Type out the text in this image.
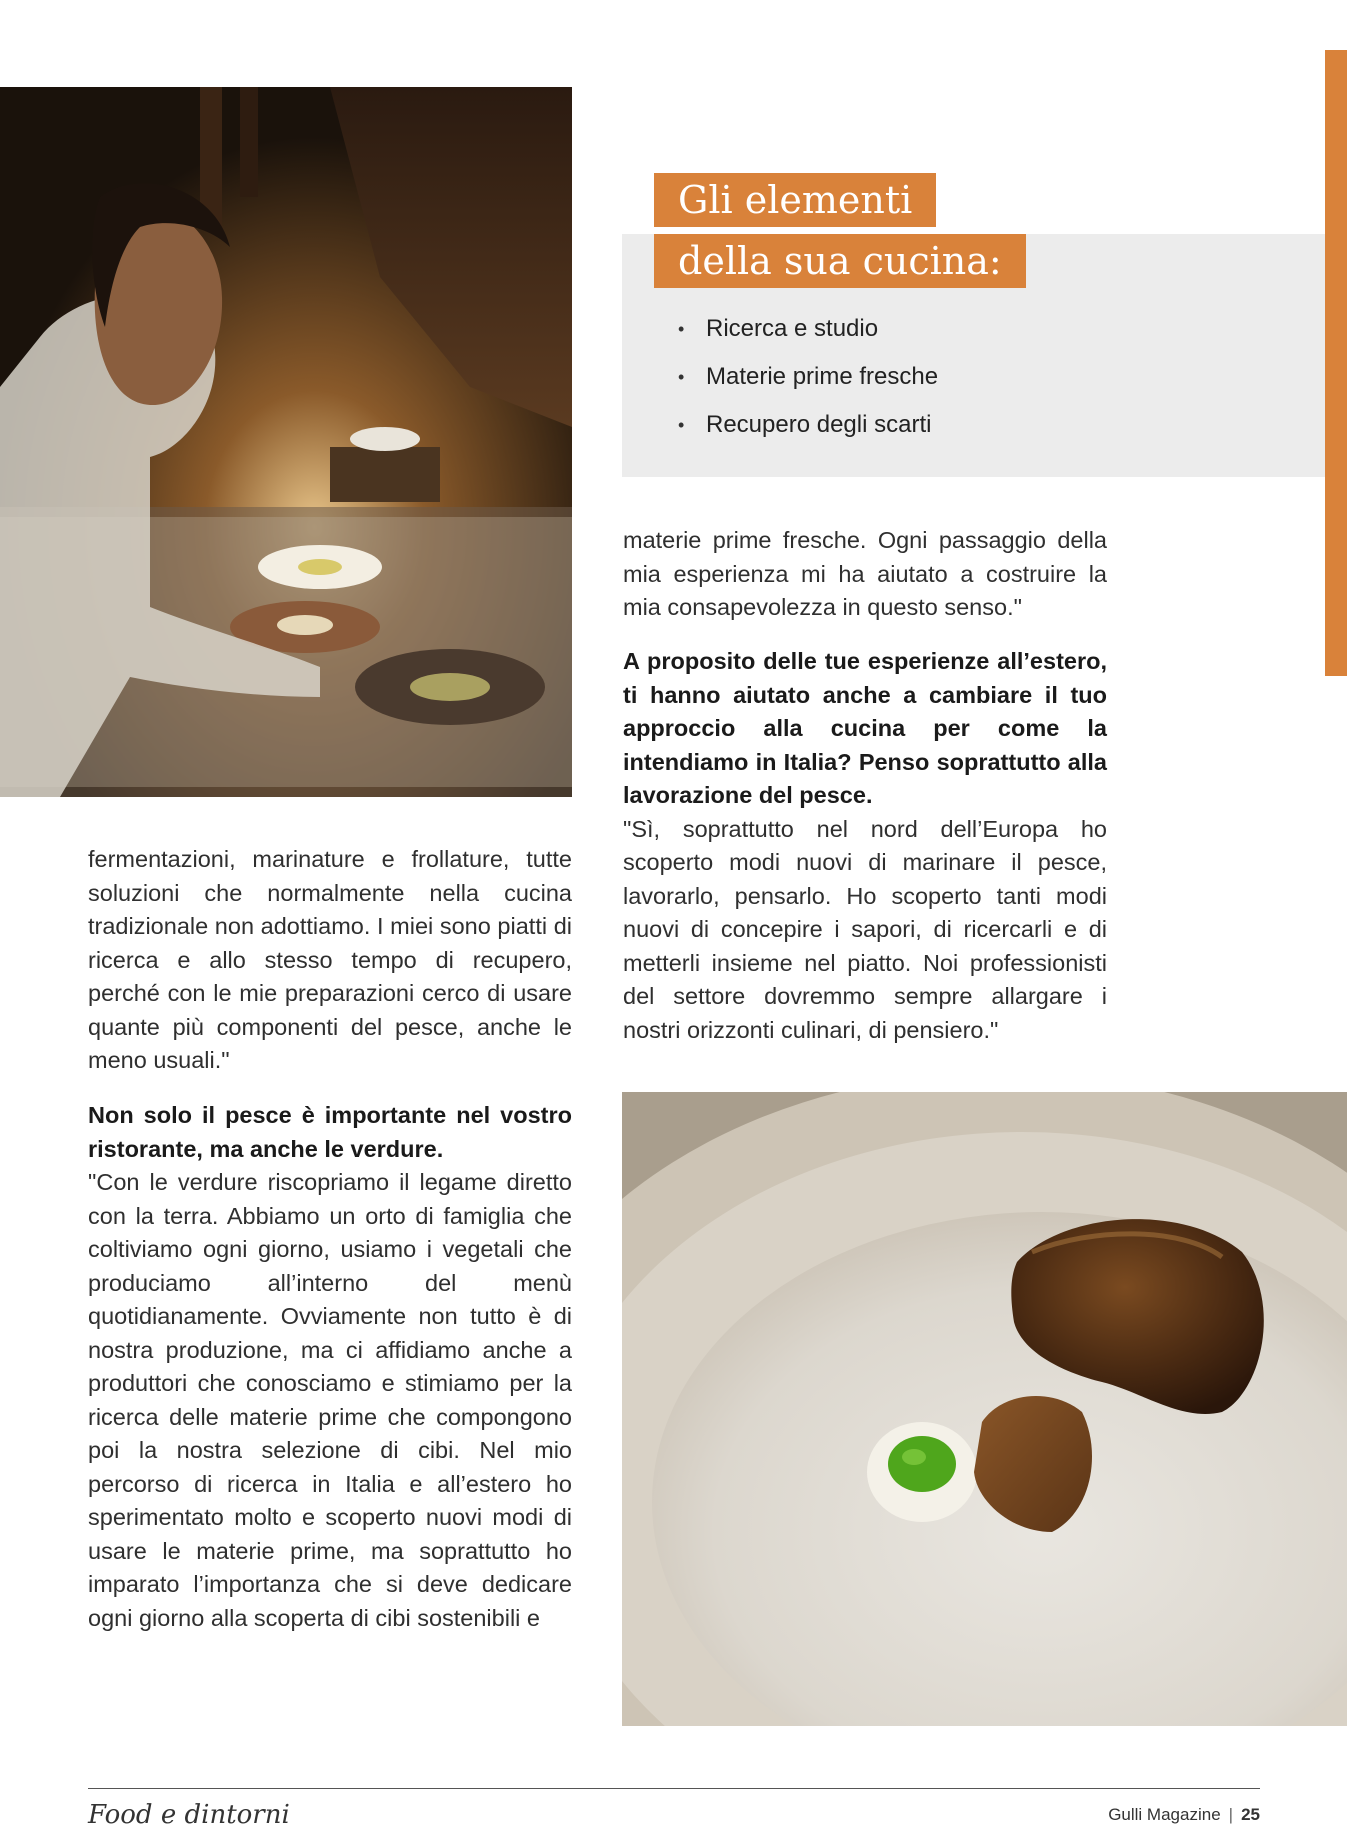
Gli elementi
della sua cucina:
• Ricerca e studio
• Materie prime fresche
• Recupero degli scarti

materie prime fresche. Ogni passaggio della mia esperienza mi ha aiutato a costruire la mia consapevolezza in questo senso."

A proposito delle tue esperienze all’estero, ti hanno aiutato anche a cambiare il tuo approccio alla cucina per come la intendiamo in Italia? Penso soprattutto alla lavorazione del pesce.

"Sì, soprattutto nel nord dell’Europa ho scoperto modi nuovi di marinare il pesce, lavorarlo, pensarlo. Ho scoperto tanti modi nuovi di concepire i sapori, di ricercarli e di metterli insieme nel piatto. Noi professionisti del settore dovremmo sempre allargare i nostri orizzonti culinari, di pensiero."

fermentazioni, marinature e frollature, tutte soluzioni che normalmente nella cucina tradizionale non adottiamo. I miei sono piatti di ricerca e allo stesso tempo di recupero, perché con le mie preparazioni cerco di usare quante più componenti del pesce, anche le meno usuali."

Non solo il pesce è importante nel vostro ristorante, ma anche le verdure.

"Con le verdure riscopriamo il legame diretto con la terra. Abbiamo un orto di famiglia che coltiviamo ogni giorno, usiamo i vegetali che produciamo all’interno del menù quotidianamente. Ovviamente non tutto è di nostra produzione, ma ci affidiamo anche a produttori che conosciamo e stimiamo per la ricerca delle materie prime che compongono poi la nostra selezione di cibi. Nel mio percorso di ricerca in Italia e all’estero ho sperimentato molto e scoperto nuovi modi di usare le materie prime, ma soprattutto ho imparato l’importanza che si deve dedicare ogni giorno alla scoperta di cibi sostenibili e

Food e dintorni	Gulli Magazine | 25
